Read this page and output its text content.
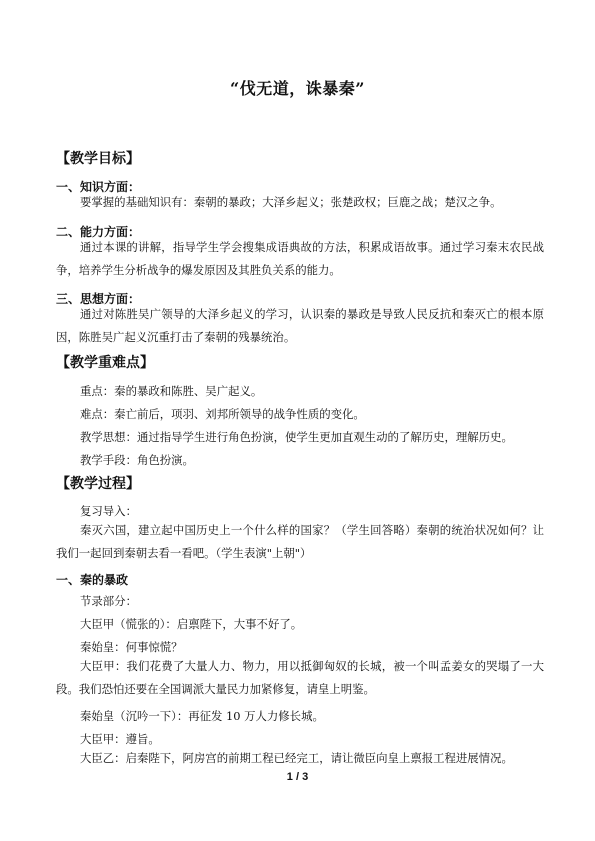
“伐无道，诛暴秦”
【教学目标】
一、知识方面：
要掌握的基础知识有：秦朝的暴政；大泽乡起义；张楚政权；巨鹿之战；楚汉之争。
二、能力方面：
通过本课的讲解，指导学生学会搜集成语典故的方法，积累成语故事。通过学习秦末农民战争，培养学生分析战争的爆发原因及其胜负关系的能力。
三、思想方面：
通过对陈胜吴广领导的大泽乡起义的学习，认识秦的暴政是导致人民反抗和秦灭亡的根本原因，陈胜吴广起义沉重打击了秦朝的残暴统治。
【教学重难点】
重点：秦的暴政和陈胜、吴广起义。
难点：秦亡前后，项羽、刘邦所领导的战争性质的变化。
教学思想：通过指导学生进行角色扮演，使学生更加直观生动的了解历史，理解历史。
教学手段：角色扮演。
【教学过程】
复习导入：
秦灭六国，建立起中国历史上一个什么样的国家？（学生回答略）秦朝的统治状况如何？让我们一起回到秦朝去看一看吧。（学生表演"上朝"）
一、秦的暴政
节录部分：
大臣甲（慌张的）：启禀陛下，大事不好了。
秦始皇：何事惊慌？
大臣甲：我们花费了大量人力、物力，用以抵御匈奴的长城，被一个叫孟姜女的哭塌了一大段。我们恐怕还要在全国调派大量民力加紧修复，请皇上明鉴。
秦始皇（沉吟一下）：再征发 10 万人力修长城。
大臣甲：遵旨。
大臣乙：启秦陛下，阿房宫的前期工程已经完工，请让微臣向皇上禀报工程进展情况。
1 / 3
